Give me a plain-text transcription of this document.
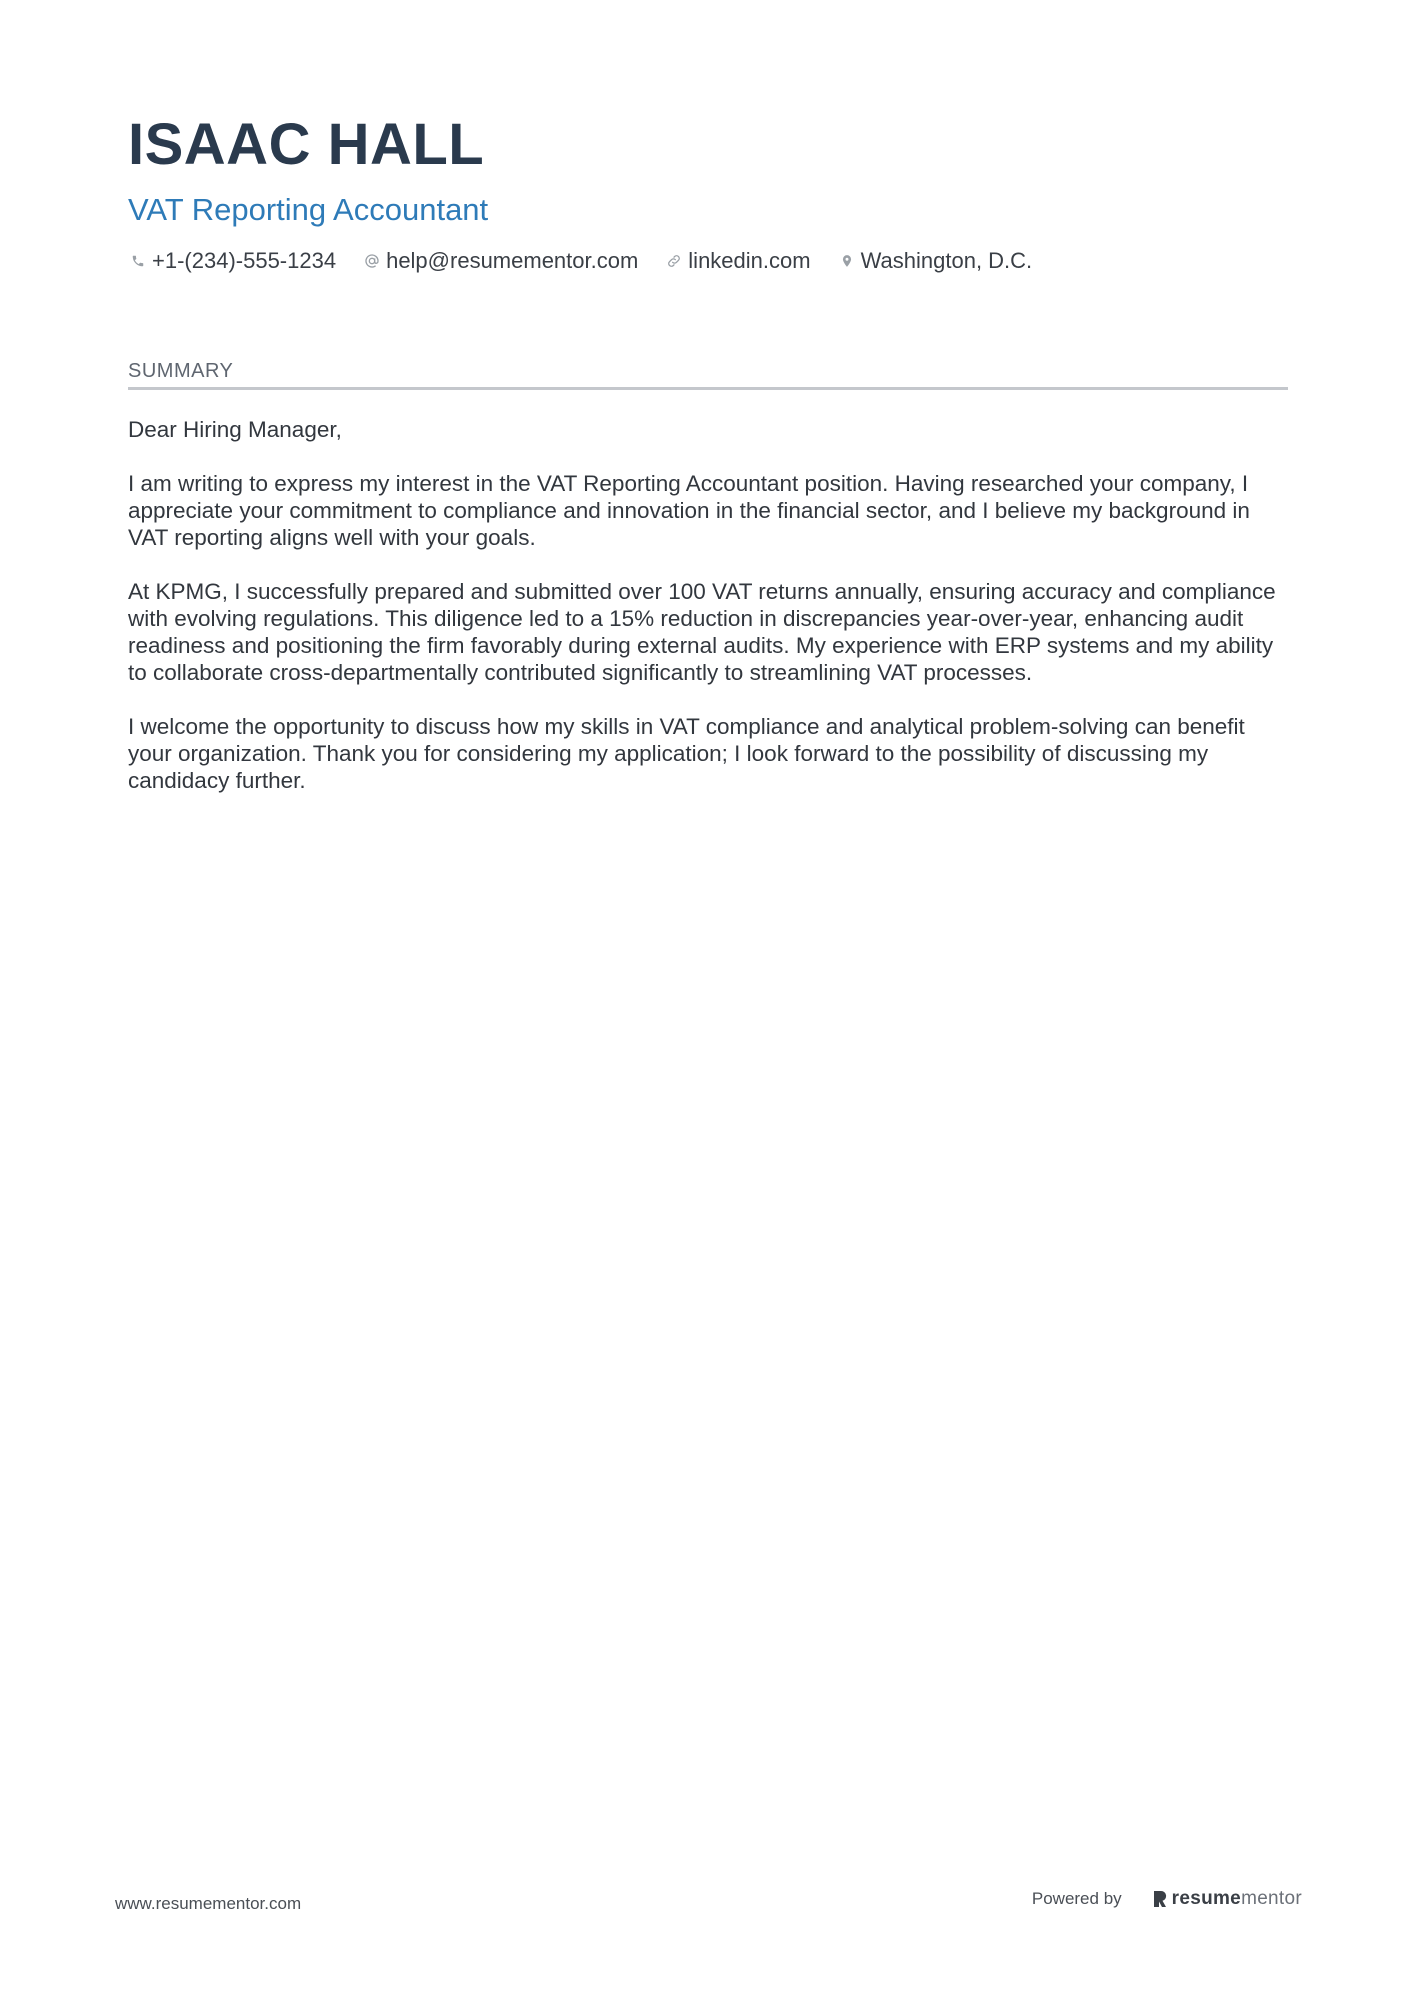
ISAAC HALL
VAT Reporting Accountant
+1-(234)-555-1234 help@resumementor.com linkedin.com Washington, D.C.
SUMMARY

Dear Hiring Manager,

I am writing to express my interest in the VAT Reporting Accountant position. Having researched your company, I appreciate your commitment to compliance and innovation in the financial sector, and I believe my background in VAT reporting aligns well with your goals.

At KPMG, I successfully prepared and submitted over 100 VAT returns annually, ensuring accuracy and compliance with evolving regulations. This diligence led to a 15% reduction in discrepancies year-over-year, enhancing audit readiness and positioning the firm favorably during external audits. My experience with ERP systems and my ability to collaborate cross-departmentally contributed significantly to streamlining VAT processes.

I welcome the opportunity to discuss how my skills in VAT compliance and analytical problem-solving can benefit your organization. Thank you for considering my application; I look forward to the possibility of discussing my candidacy further.

www.resumementor.com	Powered by	resumementor
